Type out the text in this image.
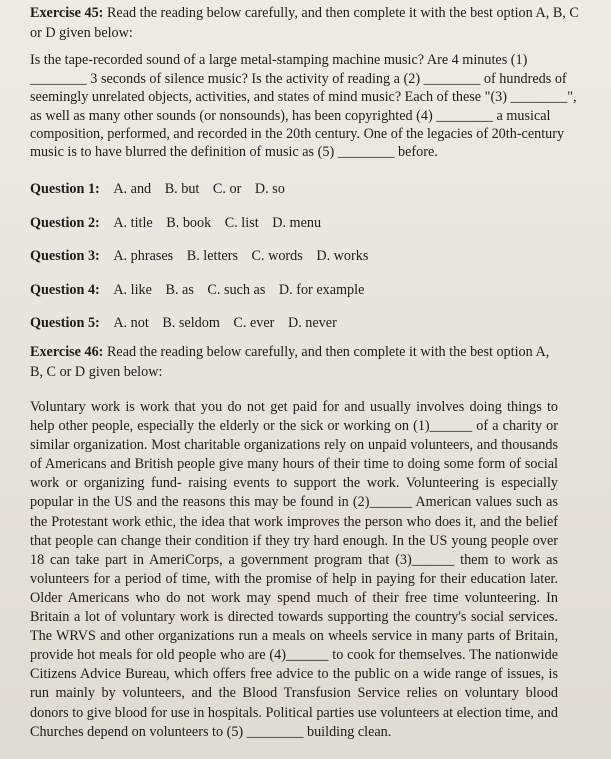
Exercise 45: Read the reading below carefully, and then complete it with the best option A, B, C or D given below:

Is the tape-recorded sound of a large metal-stamping machine music? Are 4 minutes (1) ________ 3 seconds of silence music? Is the activity of reading a (2) ________ of hundreds of seemingly unrelated objects, activities, and states of mind music? Each of these "(3) ________", as well as many other sounds (or nonsounds), has been copyrighted (4) ________ a musical composition, performed, and recorded in the 20th century. One of the legacies of 20th-century music is to have blurred the definition of music as (5) ________ before.

Question 1: A. and B. but C. or D. so
Question 2: A. title B. book C. list D. menu
Question 3: A. phrases B. letters C. words D. works
Question 4: A. like B. as C. such as D. for example
Question 5: A. not B. seldom C. ever D. never

Exercise 46: Read the reading below carefully, and then complete it with the best option A, B, C or D given below:

Voluntary work is work that you do not get paid for and usually involves doing things to help other people, especially the elderly or the sick or working on (1)______ of a charity or similar organization. Most charitable organizations rely on unpaid volunteers, and thousands of Americans and British people give many hours of their time to doing some form of social work or organizing fund- raising events to support the work. Volunteering is especially popular in the US and the reasons this may be found in (2)______ American values such as the Protestant work ethic, the idea that work improves the person who does it, and the belief that people can change their condition if they try hard enough. In the US young people over 18 can take part in AmeriCorps, a government program that (3)______ them to work as volunteers for a period of time, with the promise of help in paying for their education later. Older Americans who do not work may spend much of their free time volunteering. In Britain a lot of voluntary work is directed towards supporting the country's social services. The WRVS and other organizations run a meals on wheels service in many parts of Britain, provide hot meals for old people who are (4)______ to cook for themselves. The nationwide Citizens Advice Bureau, which offers free advice to the public on a wide range of issues, is run mainly by volunteers, and the Blood Transfusion Service relies on voluntary blood donors to give blood for use in hospitals. Political parties use volunteers at election time, and Churches depend on volunteers to (5) ________ building clean.
